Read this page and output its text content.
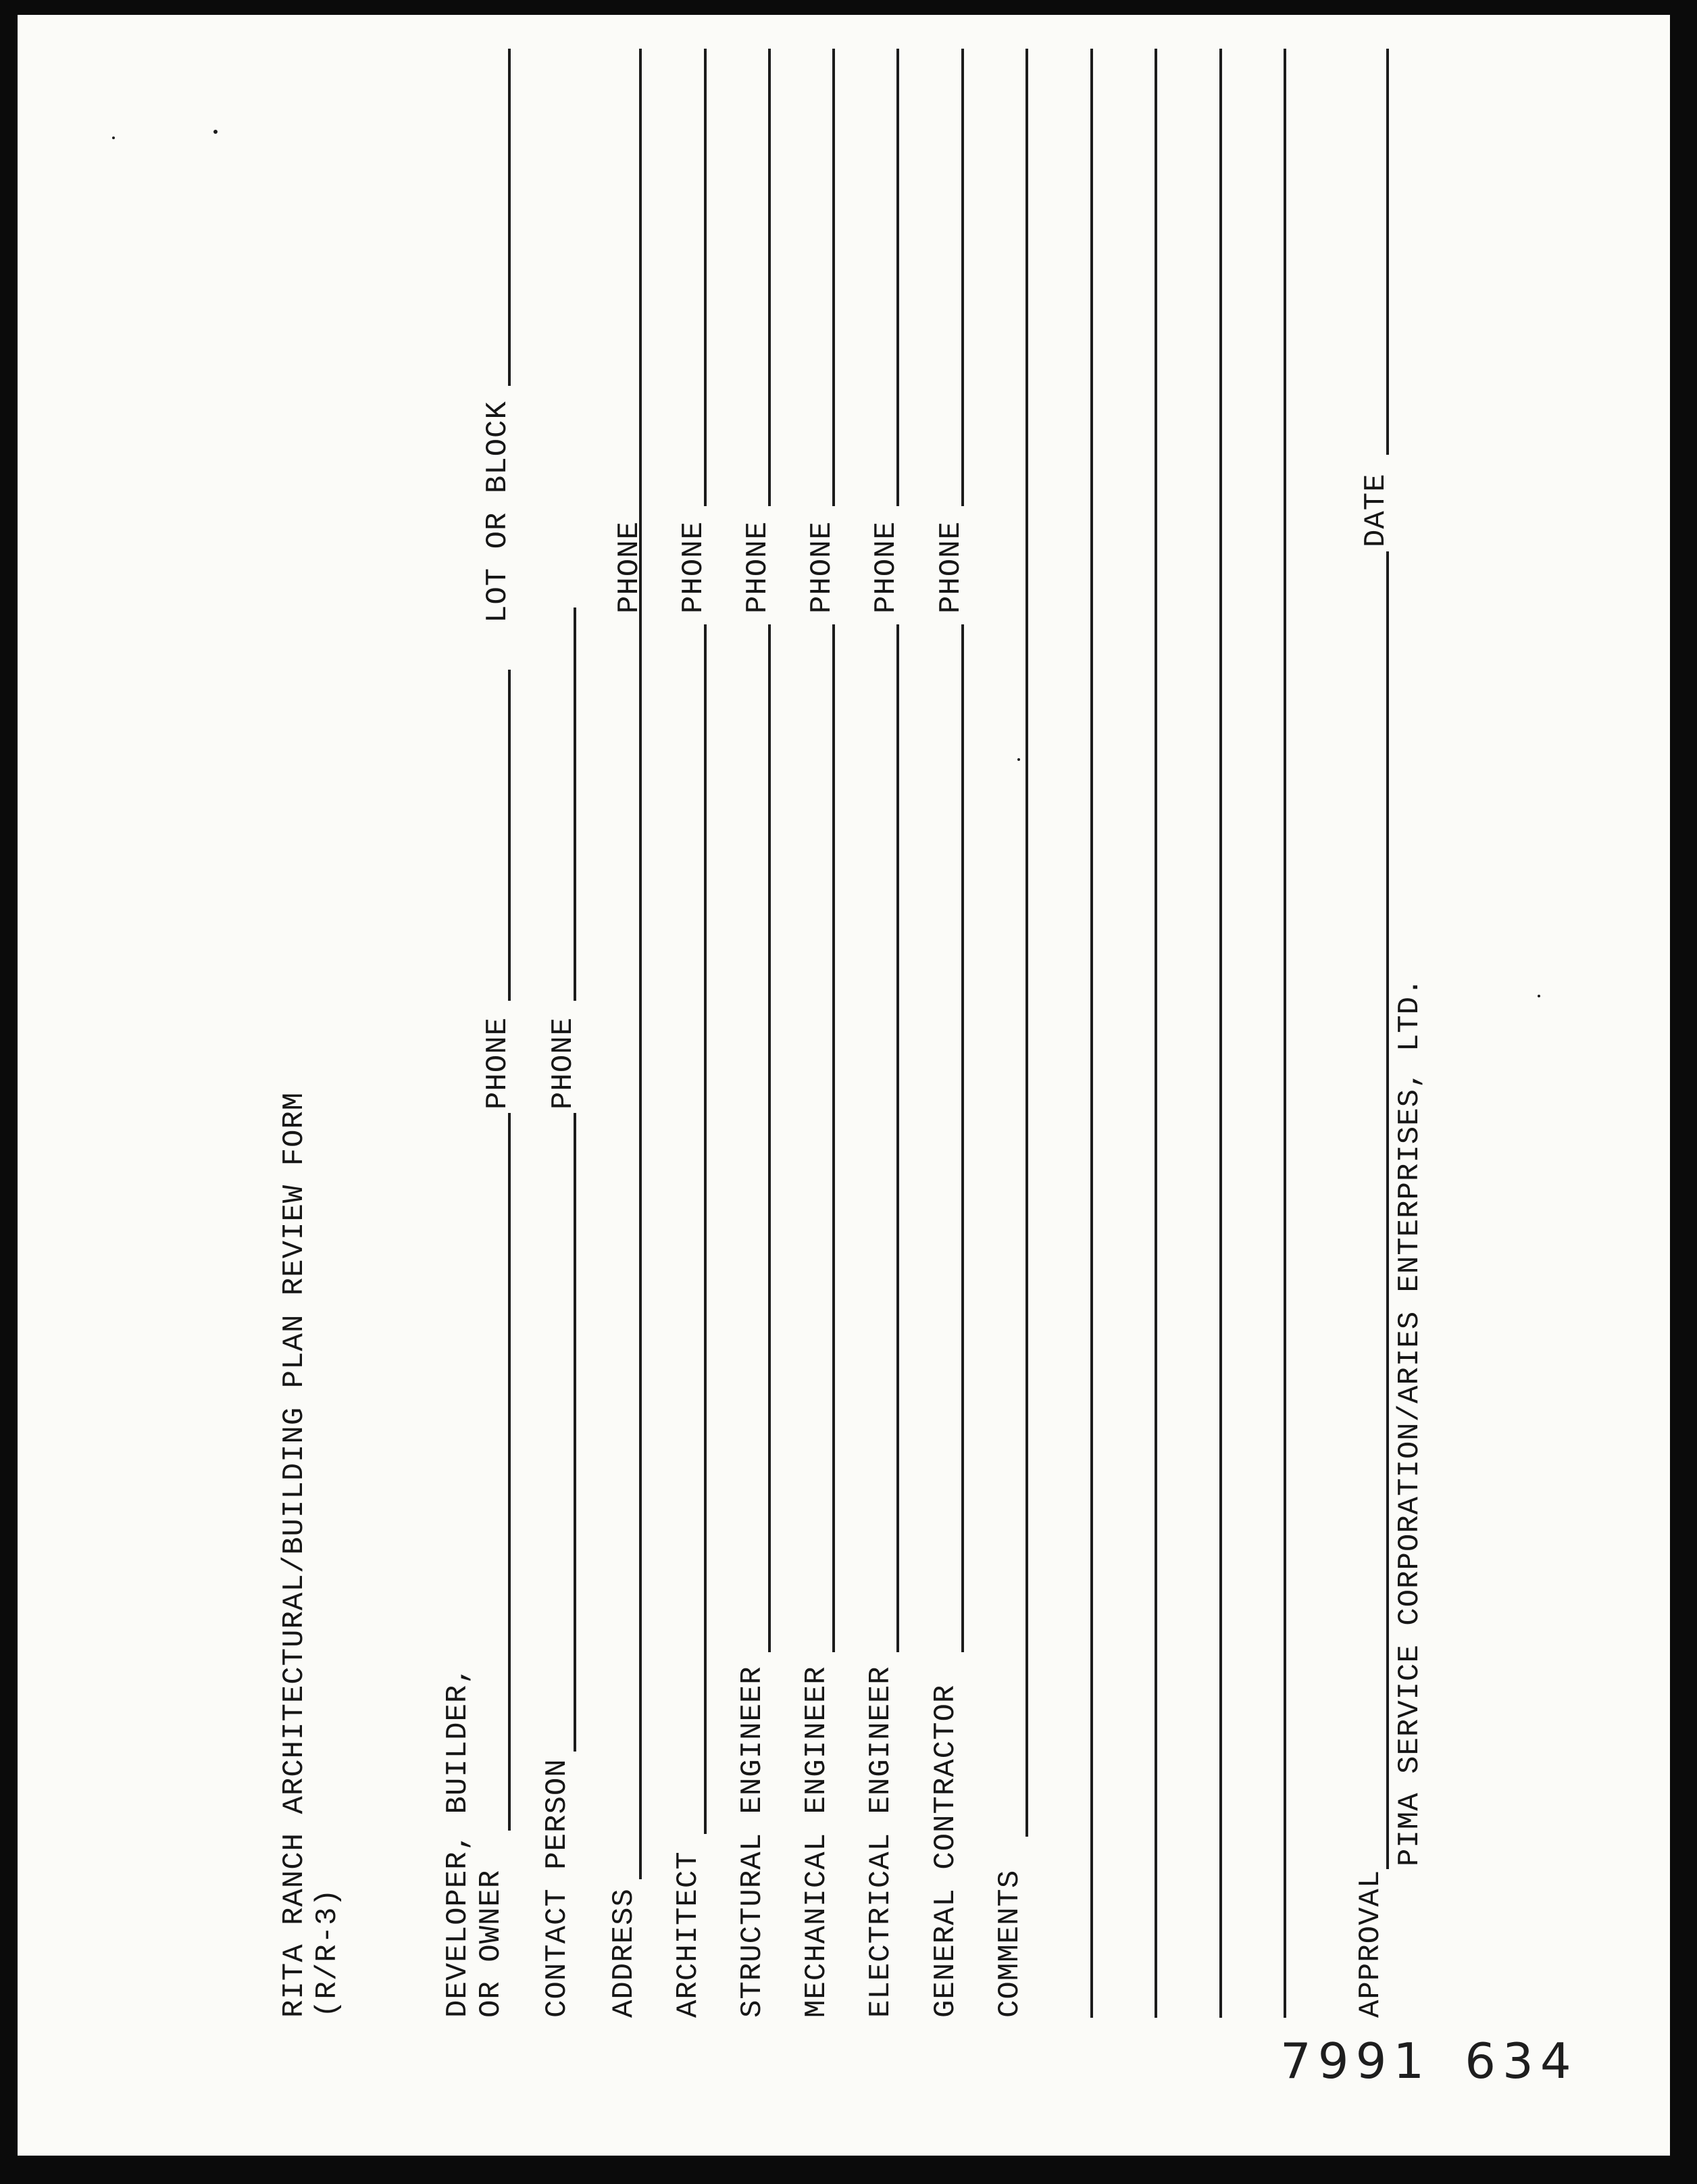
RITA RANCH ARCHITECTURAL/BUILDING PLAN REVIEW FORM (R/R-3)	DEVELOPER, BUILDER, OR OWNER
PHONE
LOT OR BLOCK
CONTACT PERSON
PHONE
ADDRESS
PHONE
ARCHITECT
PHONE
STRUCTURAL ENGINEER
PHONE
MECHANICAL ENGINEER
PHONE
ELECTRICAL ENGINEER
PHONE
GENERAL CONTRACTOR
PHONE
COMMENTS	APPROVAL
PIMA SERVICE CORPORATION/ARIES ENTERPRISES, LTD.
DATE
7991 634
